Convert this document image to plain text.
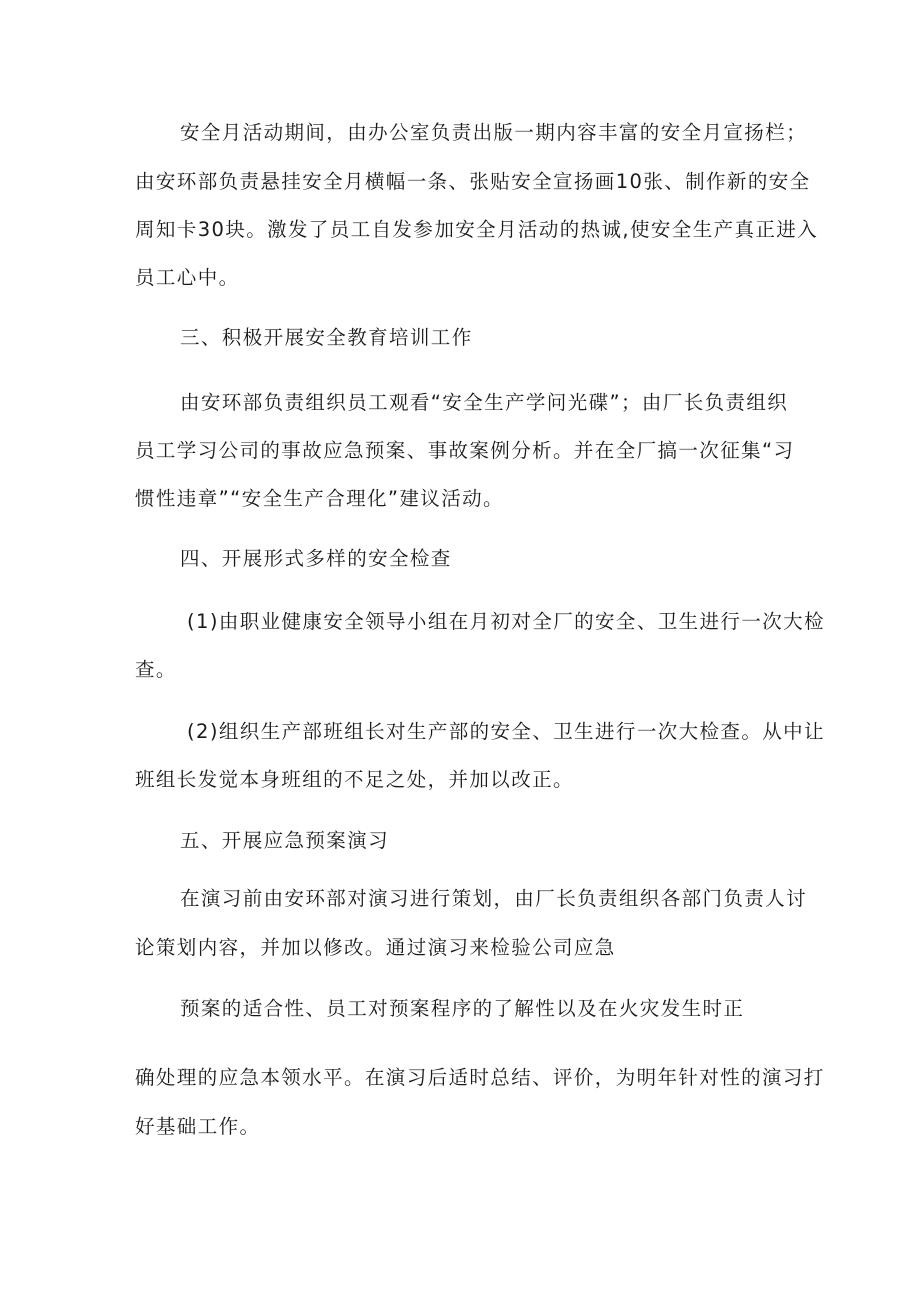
安全月活动期间，由办公室负责出版一期内容丰富的安全月宣扬栏；
由安环部负责悬挂安全月横幅一条、张贴安全宣扬画10张、制作新的安全
周知卡30块。激发了员工自发参加安全月活动的热诚,使安全生产真正进入
员工心中。
三、积极开展安全教育培训工作
由安环部负责组织员工观看“安全生产学问光碟”；由厂长负责组织
员工学习公司的事故应急预案、事故案例分析。并在全厂搞一次征集“习
惯性违章”“安全生产合理化”建议活动。
四、开展形式多样的安全检查
(1)由职业健康安全领导小组在月初对全厂的安全、卫生进行一次大检
查。
(2)组织生产部班组长对生产部的安全、卫生进行一次大检查。从中让
班组长发觉本身班组的不足之处，并加以改正。
五、开展应急预案演习
在演习前由安环部对演习进行策划，由厂长负责组织各部门负责人讨
论策划内容，并加以修改。通过演习来检验公司应急
预案的适合性、员工对预案程序的了解性以及在火灾发生时正
确处理的应急本领水平。在演习后适时总结、评价，为明年针对性的演习打
好基础工作。
